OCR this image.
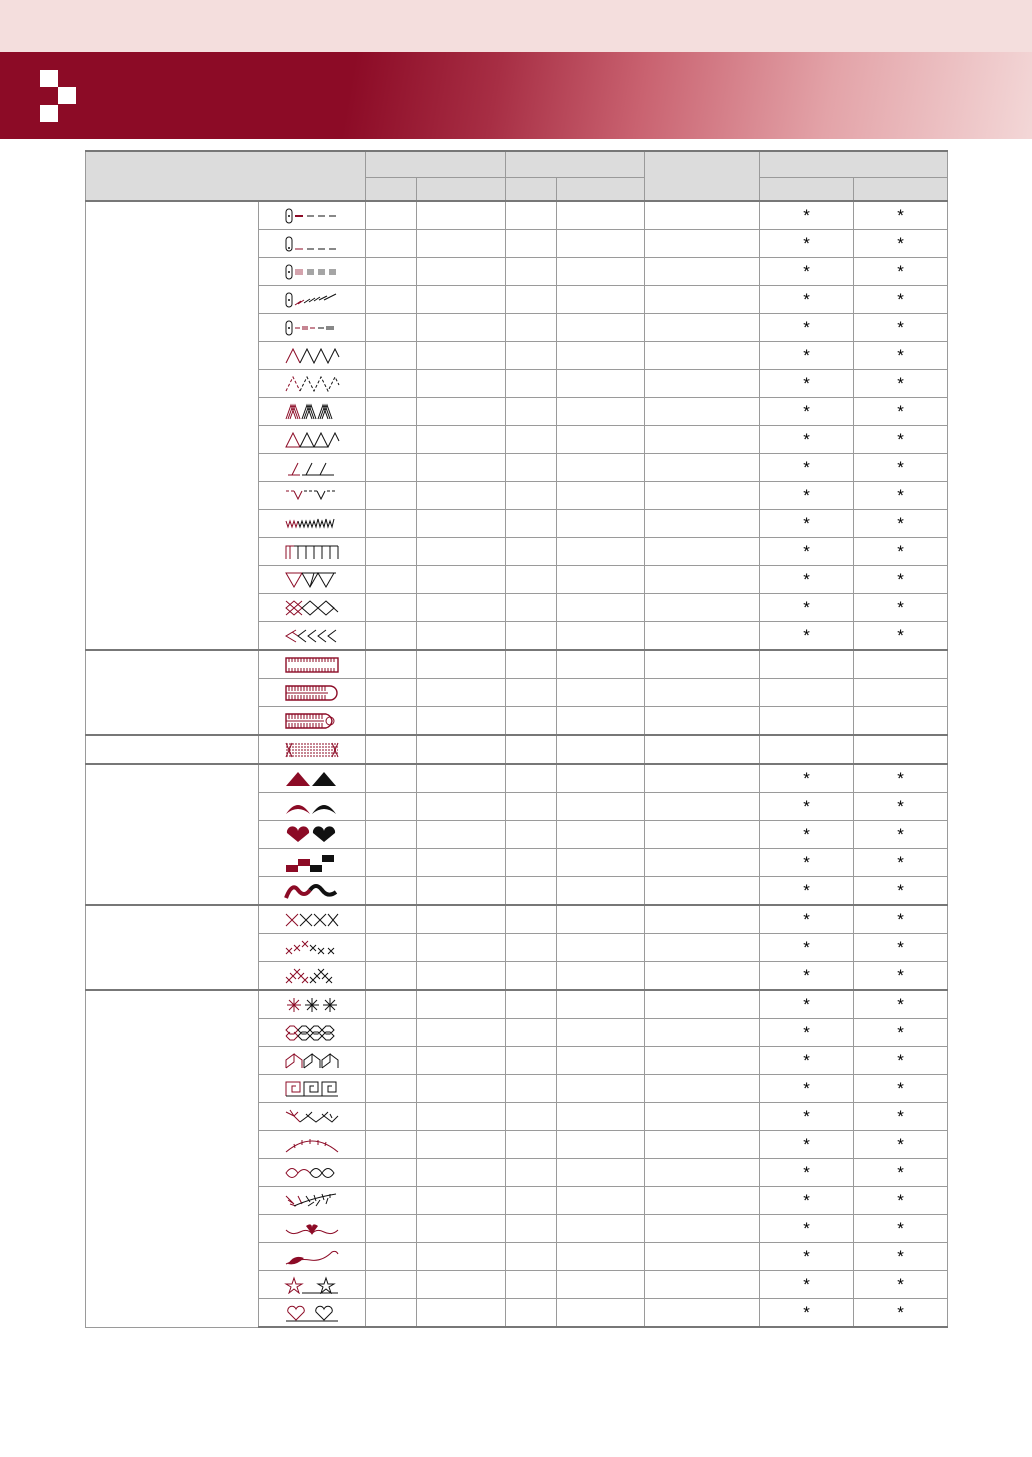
						*	*

						*	*

						*	*

						*	*

						*	*

						*	*

						*	*

						*	*

						*	*

						*	*

						*	*

						*	*

						*	*

						*	*

						*	*

						*	*

						*	*

						*	*

						*	*

						*	*

						*	*

						*	*

						*	*

						*	*

						*	*

						*	*

						*	*

						*	*

						*	*

						*	*

						*	*

						*	*

						*	*

						*	*

						*	*

						*	*
